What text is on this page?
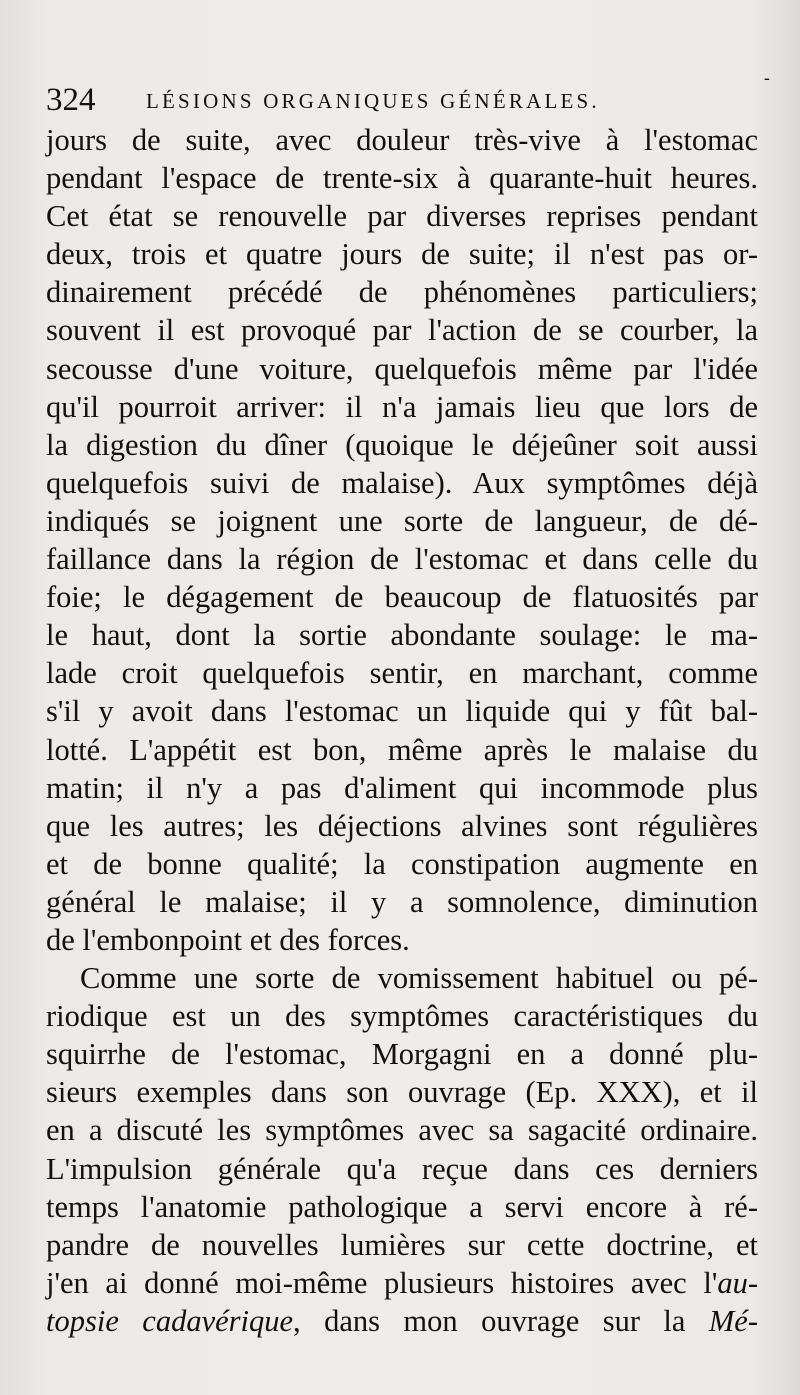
324 LÉSIONS ORGANIQUES GÉNÉRALES.
-
jours de suite, avec douleur très-vive à l'estomac
pendant l'espace de trente-six à quarante-huit heures.
Cet état se renouvelle par diverses reprises pendant
deux, trois et quatre jours de suite; il n'est pas or-
dinairement précédé de phénomènes particuliers;
souvent il est provoqué par l'action de se courber, la
secousse d'une voiture, quelquefois même par l'idée
qu'il pourroit arriver: il n'a jamais lieu que lors de
la digestion du dîner (quoique le déjeûner soit aussi
quelquefois suivi de malaise). Aux symptômes déjà
indiqués se joignent une sorte de langueur, de dé-
faillance dans la région de l'estomac et dans celle du
foie; le dégagement de beaucoup de flatuosités par
le haut, dont la sortie abondante soulage: le ma-
lade croit quelquefois sentir, en marchant, comme
s'il y avoit dans l'estomac un liquide qui y fût bal-
lotté. L'appétit est bon, même après le malaise du
matin; il n'y a pas d'aliment qui incommode plus
que les autres; les déjections alvines sont régulières
et de bonne qualité; la constipation augmente en
général le malaise; il y a somnolence, diminution
de l'embonpoint et des forces.
Comme une sorte de vomissement habituel ou pé-
riodique est un des symptômes caractéristiques du
squirrhe de l'estomac, Morgagni en a donné plu-
sieurs exemples dans son ouvrage (Ep. XXX), et il
en a discuté les symptômes avec sa sagacité ordinaire.
L'impulsion générale qu'a reçue dans ces derniers
temps l'anatomie pathologique a servi encore à ré-
pandre de nouvelles lumières sur cette doctrine, et
j'en ai donné moi-même plusieurs histoires avec l'au-
topsie cadavérique, dans mon ouvrage sur la Mé-
